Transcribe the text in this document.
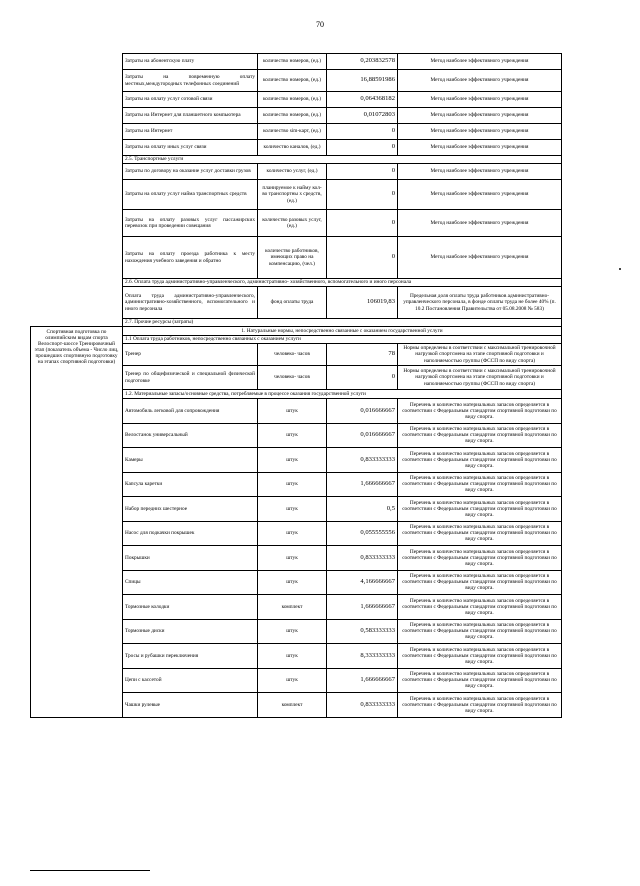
70
	Затраты на абонентскую плату	количество номеров, (ед.)	0,203832578	Метод наиболее эффективного учреждения
	Затраты на повременную оплату местных,междугородных телефонных соединений	количество номеров, (ед.)	16,88591986	Метод наиболее эффективного учреждения
	Затраты на оплату услуг сотовой связи	количество номеров, (ед.)	0,064368182	Метод наиболее эффективного учреждения
	Затраты на Интернет для планшетного компьютера	количество номеров, (ед.)	0,01072803	Метод наиболее эффективного учреждения
	Затраты на Интернет	количество sim-карт, (ед.)	0	Метод наиболее эффективного учреждения
	Затраты на оплату иных услуг связи	количество каналов, (ед.)	0	Метод наиболее эффективного учреждения
	2.5. Транспортные услуги			
	Затраты по договору на оказание услуг доставки грузов	количество услуг, (ед.)	0	Метод наиболее эффективного учреждения
	Затраты на оплату услуг найма транспортных средств	планируемое к найму кол- во транспортны х средств, (ед.)	0	Метод наиболее эффективного учреждения
	Затраты на оплату разовых услуг пассажирских перевозок при проведении совещания	количество разовых услуг, (ед.)	0	Метод наиболее эффективного учреждения
	Затраты на оплату проезда работника к месту нахождения учебного заведения и обратно	количество работников, имеющих право на компенсацию, (чел.)	0	Метод наиболее эффективного учреждения
	2.6. Оплата труда административно-управленческого, административно- хозяйственного, вспомогательного и иного персонала			
	Оплата труда административно-управленческого, административно-хозяйственного, вспомогательного и иного персонала	фонд оплаты труда	106019,83	Предельная доля оплаты труда работников административно- управленческого персонала, в фонде оплаты труда не более 40% (п. 10.2 Постановления Правительства от 05.08.2008 № 583)
	2.7. Прочие ресурсы (затраты)			
Спортивная подготовка по олимпийским видам спорта Велоспорт-шоссе Тренировочный этап (показатель объема - Число лиц, прошедших спортивную подготовку на этапах спортивной подготовки)	1. Натуральные нормы, непосредственно связанные с оказанием государственной услуги			
	1.1 Оплата труда работников, непосредственно связанных с оказанием услуги			
	Тренер	человеко- часов	78	Нормы определены в соответствии с максимальной тренировочной нагрузкой спортсмена на этапе спортивной подготовки и наполняемостью группы (ФССП по виду спорта)
	Тренер по общефизической и специальной физической подготовке	человеко- часов	0	Нормы определены в соответствии с максимальной тренировочной нагрузкой спортсмена на этапе спортивной подготовки и наполняемостью группы (ФССП по виду спорта)
	1.2. Материальные запасы/основные средства, потребляемые в процессе оказания государственной услуги			
	Автомобиль легковой для сопровождения	штук	0,016666667	Перечень и количество материальных запасов определяется в соответствии с Федеральным стандартом спортивной подготовки по виду спорта.
	Велостанок универсальный	штук	0,016666667	Перечень и количество материальных запасов определяется в соответствии с Федеральным стандартом спортивной подготовки по виду спорта.
	Камеры	штук	0,833333333	Перечень и количество материальных запасов определяется в соответствии с Федеральным стандартом спортивной подготовки по виду спорта.
	Капсула каретки	штук	1,666666667	Перечень и количество материальных запасов определяется в соответствии с Федеральным стандартом спортивной подготовки по виду спорта.
	Набор передних шестерное	штук	0,5	Перечень и количество материальных запасов определяется в соответствии с Федеральным стандартом спортивной подготовки по виду спорта.
	Насос для подкачки покрышек	штук	0,055555556	Перечень и количество материальных запасов определяется в соответствии с Федеральным стандартом спортивной подготовки по виду спорта.
	Покрышки	штук	0,833333333	Перечень и количество материальных запасов определяется в соответствии с Федеральным стандартом спортивной подготовки по виду спорта.
	Спицы	штук	4,166666667	Перечень и количество материальных запасов определяется в соответствии с Федеральным стандартом спортивной подготовки по виду спорта.
	Тормозные колодки	комплект	1,666666667	Перечень и количество материальных запасов определяется в соответствии с Федеральным стандартом спортивной подготовки по виду спорта.
	Тормозные диски	штук	0,583333333	Перечень и количество материальных запасов определяется в соответствии с Федеральным стандартом спортивной подготовки по виду спорта.
	Тросы и рубашки переключения	штук	8,333333333	Перечень и количество материальных запасов определяется в соответствии с Федеральным стандартом спортивной подготовки по виду спорта.
	Цепи с кассетой	штук	1,666666667	Перечень и количество материальных запасов определяется в соответствии с Федеральным стандартом спортивной подготовки по виду спорта.
	Чашки рулевые	комплект	0,833333333	Перечень и количество материальных запасов определяется в соответствии с Федеральным стандартом спортивной подготовки по виду спорта.
